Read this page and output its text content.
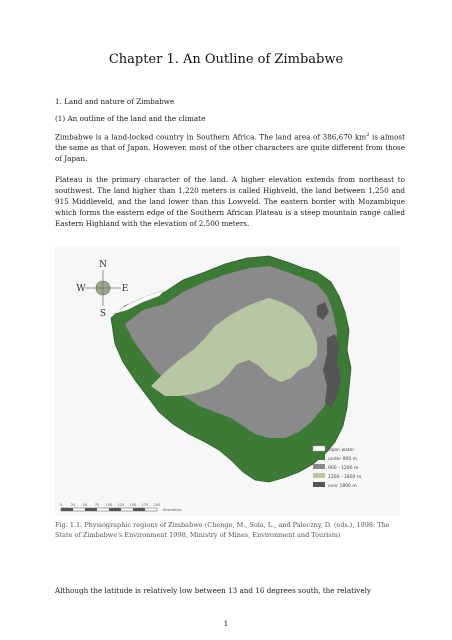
Chapter 1. An Outline of Zimbabwe
1. Land and nature of Zimbabwe
(1) An outline of the land and the climate
Zimbabwe is a land-locked country in Southern Africa. The land area of 386,670 $km^2$ is almost the same as that of Japan. However, most of the other characters are quite different from those of Japan.
Plateau is the primary character of the land. A higher elevation extends from northeast to southwest. The land higher than 1,220 meters is called Highveld, the land between 1,250 and 915 Middleveld, and the land lower than this Lowveld. The eastern border with Mozambique which forms the eastern edge of the Southern African Plateau is a steep mountain range called Eastern Highland with the elevation of 2,500 meters.
N
S
E
W
Open water
under 900 m
900 - 1200 m
1200 - 1800 m
over 1800 m
0 25 50 75 100 125 150 175 200
Kilometres
Fig. 1.1. Physiographic regions of Zimbabwe (Chenge, M., Sola, L., and Paleczny, D. (eds.), 1998: The State of Zimbabwe's Environment 1998, Ministry of Mines, Environment and Tourism)
Although the latitude is relatively low between 13 and 16 degrees south, the relatively
1
